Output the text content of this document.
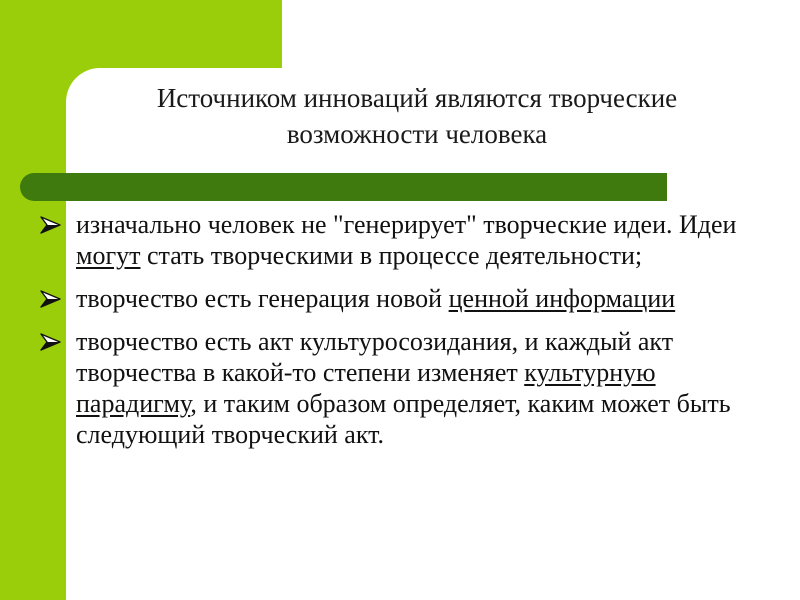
Источником инноваций являются творческие
возможности человека
изначально человек не "генерирует" творческие идеи. Идеи могут стать творческими в процессе деятельности;
творчество есть генерация новой ценной информации
творчество есть акт культуросозидания, и каждый акт творчества в какой-то степени изменяет культурную парадигму, и таким образом определяет, каким может быть следующий творческий акт.
